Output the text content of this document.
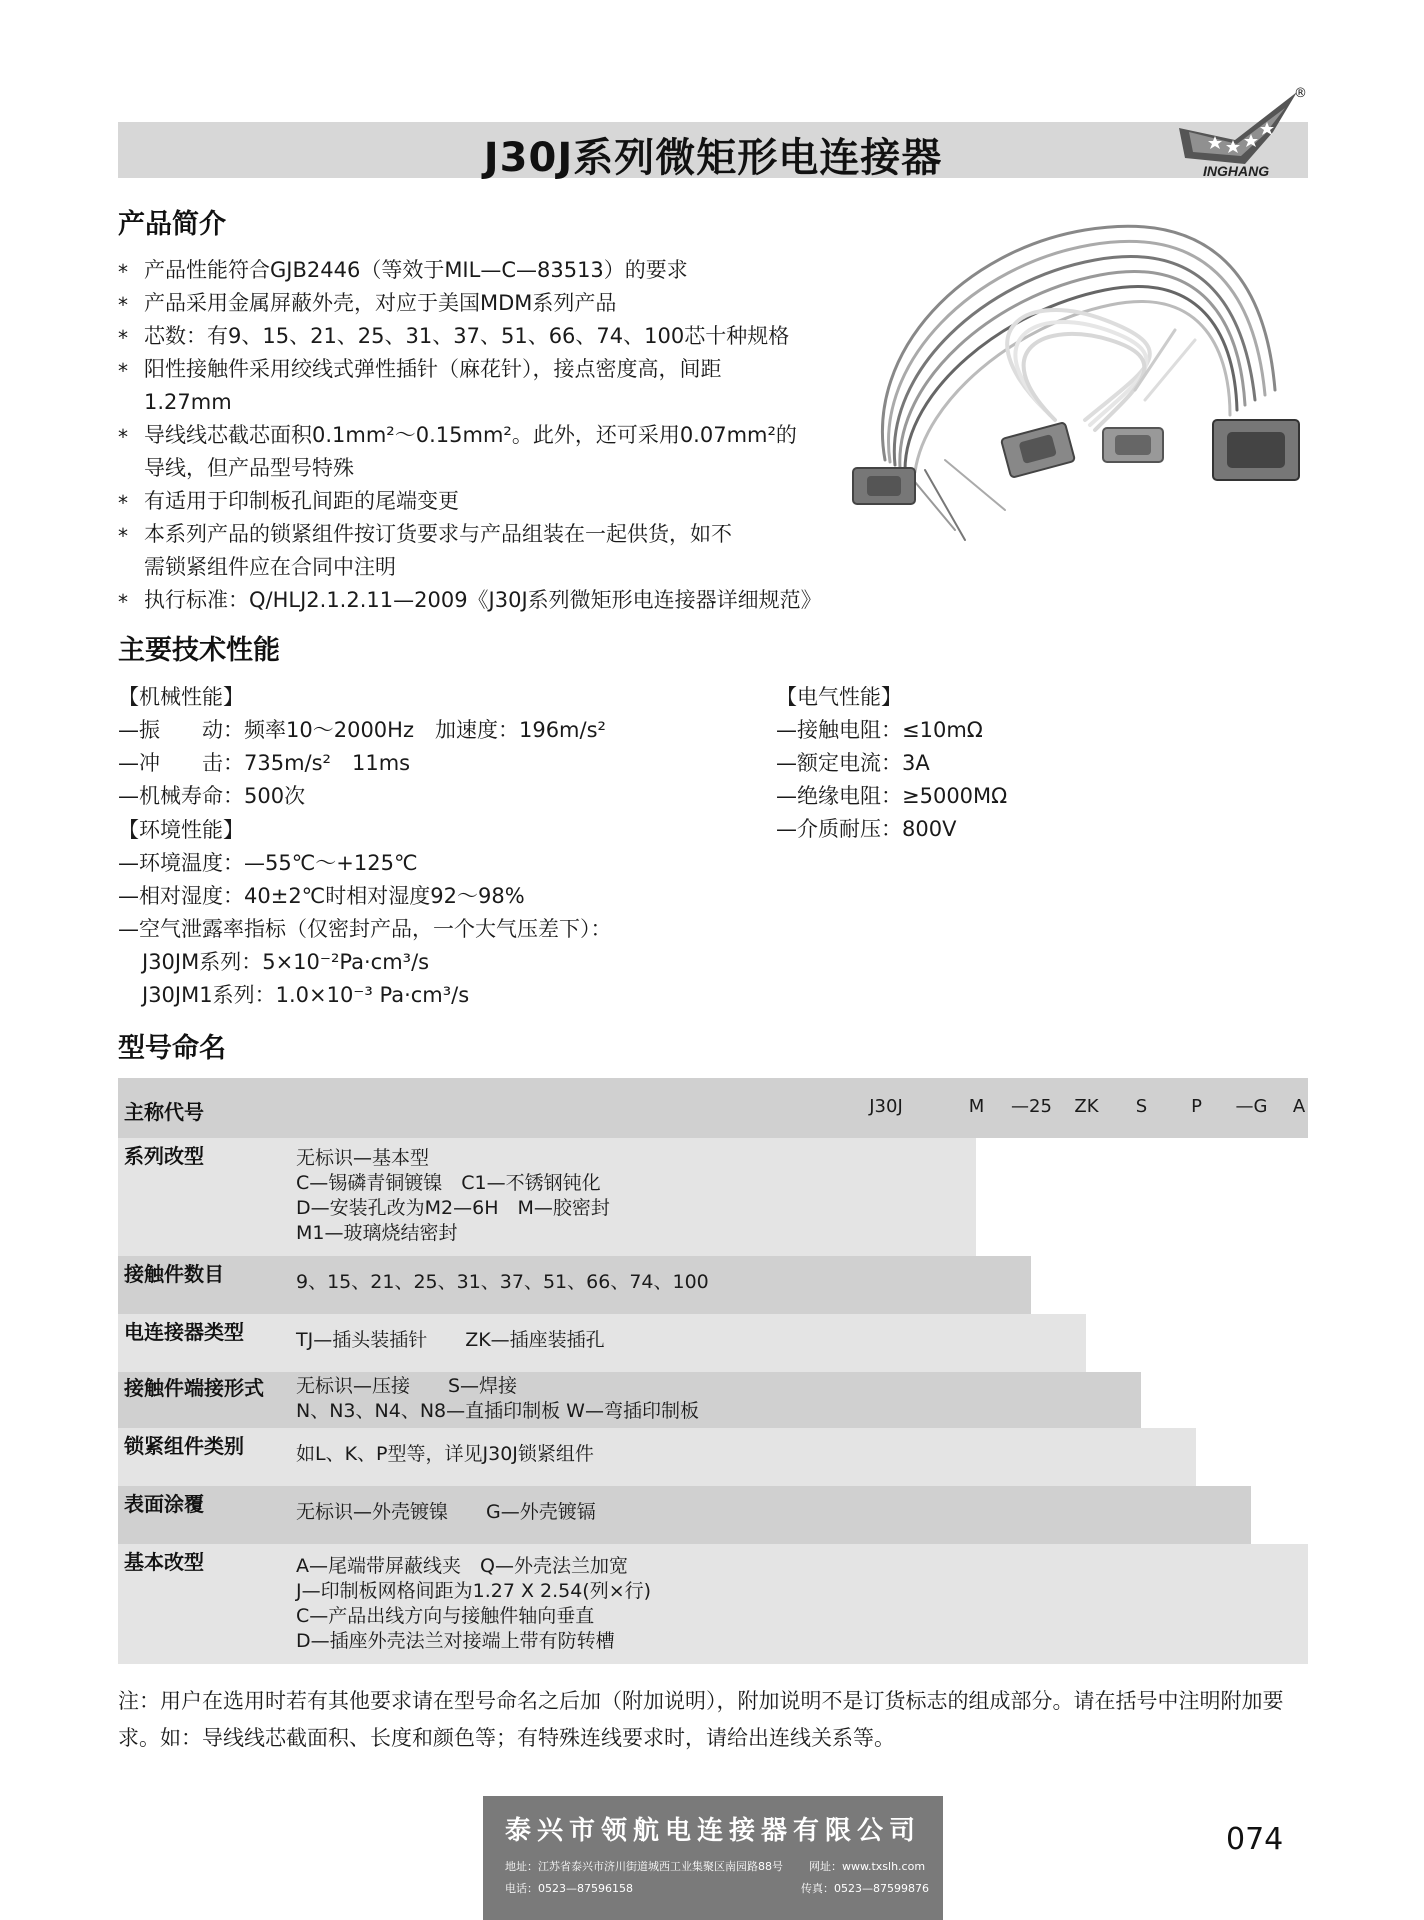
J30J系列微矩形电连接器	INGHANG
®
产品简介
* 产品性能符合GJB2446（等效于MIL—C—83513）的要求
* 产品采用金属屏蔽外壳，对应于美国MDM系列产品
* 芯数：有9、15、21、25、31、37、51、66、74、100芯十种规格
* 阳性接触件采用绞线式弹性插针（麻花针），接点密度高，间距
1.27mm
* 导线线芯截芯面积0.1mm²～0.15mm²。此外，还可采用0.07mm²的
导线，但产品型号特殊
* 有适用于印制板孔间距的尾端变更
* 本系列产品的锁紧组件按订货要求与产品组装在一起供货，如不
需锁紧组件应在合同中注明
* 执行标准：Q/HLJ2.1.2.11—2009《J30J系列微矩形电连接器详细规范》
主要技术性能
【机械性能】
—振　　动：频率10～2000Hz　加速度：196m/s²
—冲　　击：735m/s²　11ms
—机械寿命：500次
【环境性能】
—环境温度：—55℃～+125℃
—相对湿度：40±2℃时相对湿度92～98%
—空气泄露率指标（仅密封产品，一个大气压差下）：
J30JM系列：5×10⁻²Pa·cm³/s
J30JM1系列：1.0×10⁻³ Pa·cm³/s
【电气性能】
—接触电阻：≤10mΩ
—额定电流：3A
—绝缘电阻：≥5000MΩ
—介质耐压：800V
型号命名
主称代号	J30J	M	—25	ZK	S	P	—G	A
系列改型	无标识—基本型
C—锡磷青铜镀镍　C1—不锈钢钝化
D—安装孔改为M2—6H　M—胶密封
M1—玻璃烧结密封
接触件数目	9、15、21、25、31、37、51、66、74、100
电连接器类型	TJ—插头装插针　　ZK—插座装插孔
接触件端接形式 无标识—压接　　S—焊接
N、N3、N4、N8—直插印制板 W—弯插印制板
锁紧组件类别	如L、K、P型等，详见J30J锁紧组件
表面涂覆	无标识—外壳镀镍　　G—外壳镀镉
基本改型	A—尾端带屏蔽线夹　Q—外壳法兰加宽
J—印制板网格间距为1.27 X 2.54(列×行)
C—产品出线方向与接触件轴向垂直
D—插座外壳法兰对接端上带有防转槽
注：用户在选用时若有其他要求请在型号命名之后加（附加说明），附加说明不是订货标志的组成部分。请在括号中注明附加要求。如：导线线芯截面积、长度和颜色等；有特殊连线要求时，请给出连线关系等。
泰兴市领航电连接器有限公司
地址：江苏省泰兴市济川街道城西工业集聚区南园路88号 网址：www.txslh.com
电话：0523—87596158	传真：0523—87599876
074
